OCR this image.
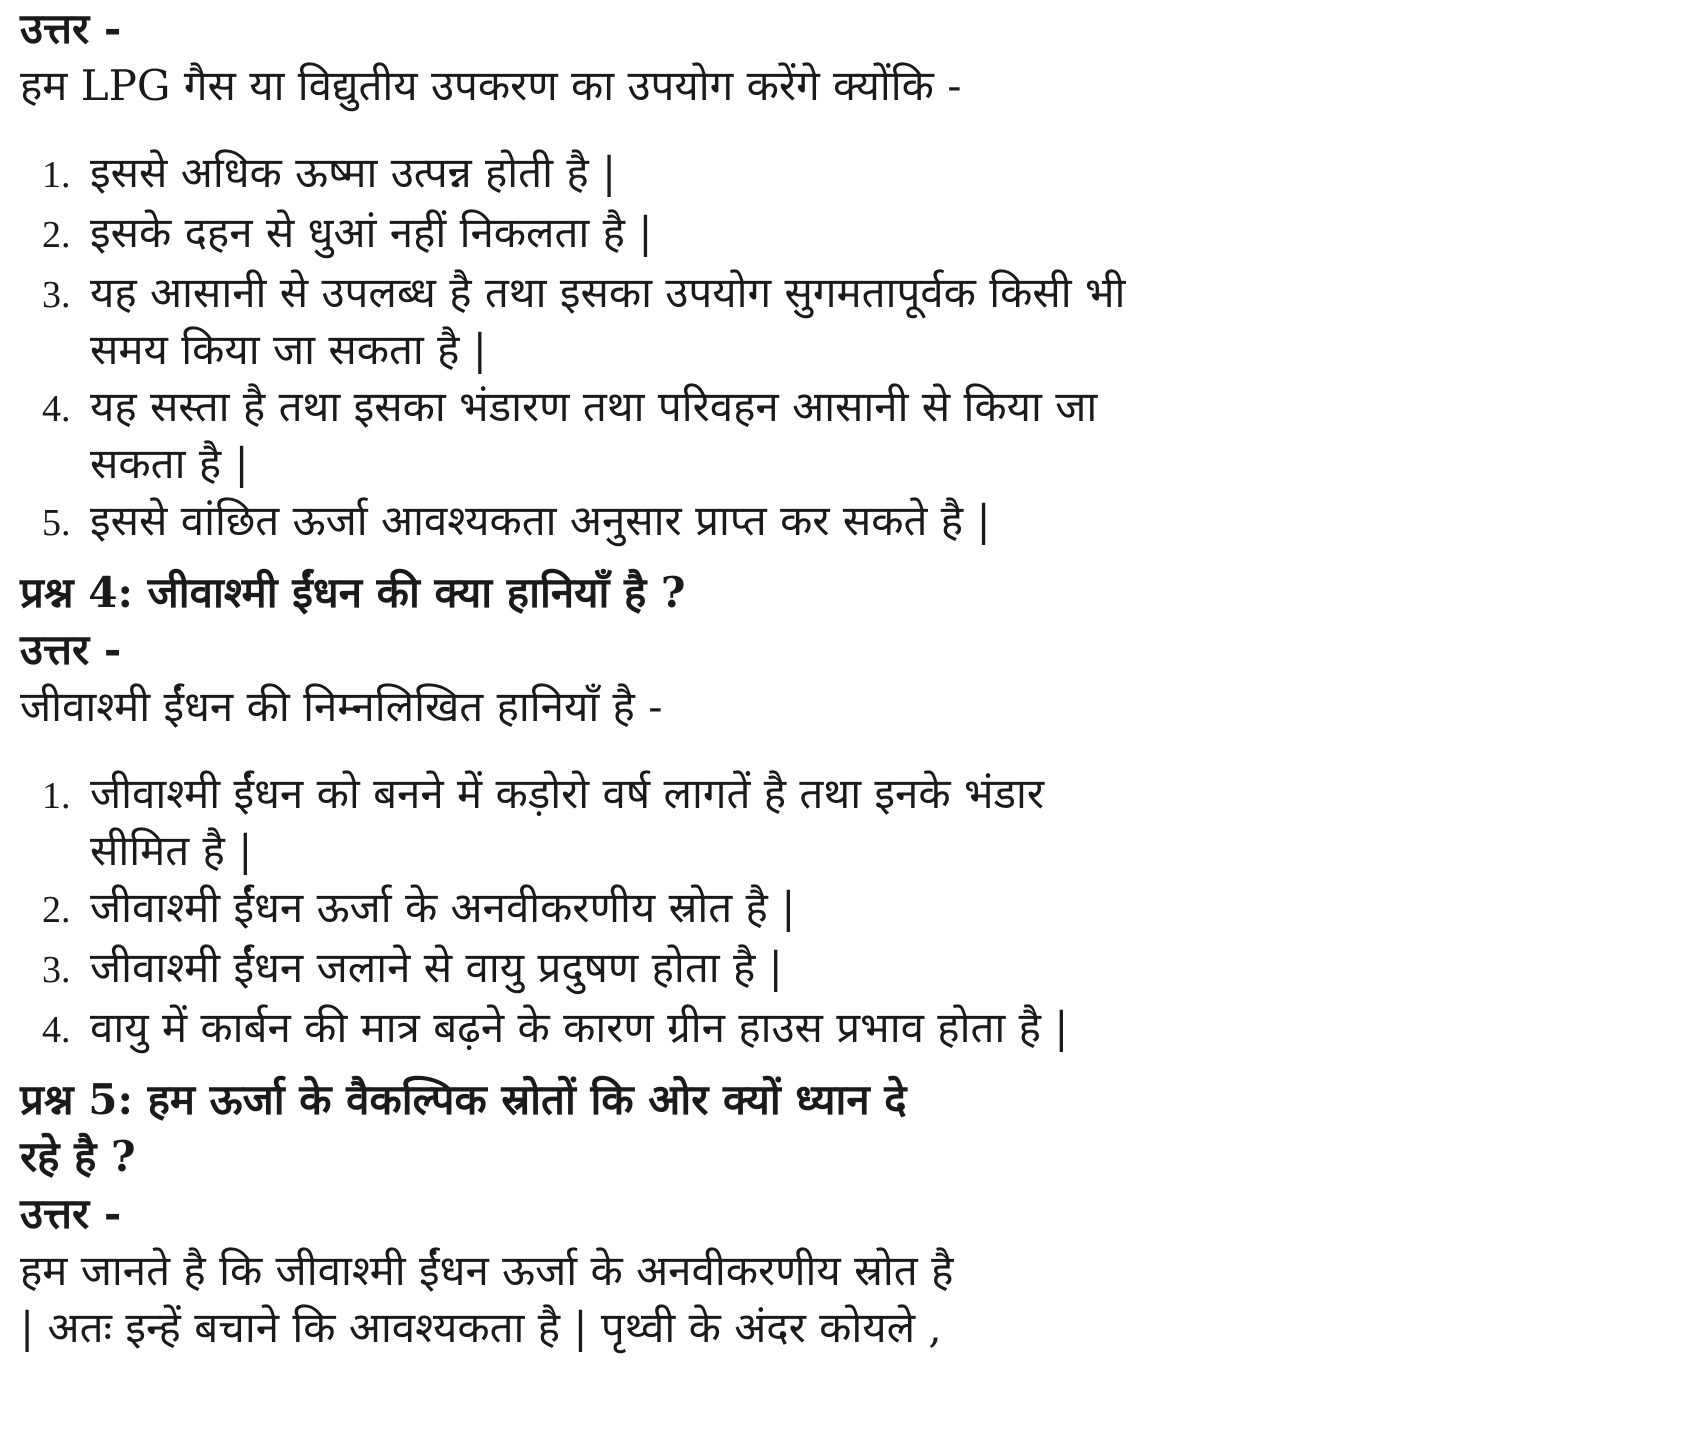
उत्तर -

हम LPG गैस या विद्युतीय उपकरण का उपयोग करेंगे क्योंकि -

1. इससे अधिक ऊष्मा उत्पन्न होती है |
2. इसके दहन से धुआं नहीं निकलता है |
3. यह आसानी से उपलब्ध है तथा इसका उपयोग सुगमतापूर्वक किसी भी समय किया जा सकता है |
4. यह सस्ता है तथा इसका भंडारण तथा परिवहन आसानी से किया जा सकता है |
5. इससे वांछित ऊर्जा आवश्यकता अनुसार प्राप्त कर सकते है |

प्रश्न 4: जीवाश्मी ईंधन की क्या हानियाँ है ?

उत्तर -

जीवाश्मी ईंधन की निम्नलिखित हानियाँ है -

1. जीवाश्मी ईंधन को बनने में कड़ोरो वर्ष लागतें है तथा इनके भंडार सीमित है |
2. जीवाश्मी ईंधन ऊर्जा के अनवीकरणीय स्रोत है |
3. जीवाश्मी ईंधन जलाने से वायु प्रदुषण होता है |
4. वायु में कार्बन की मात्र बढ़ने के कारण ग्रीन हाउस प्रभाव होता है |

प्रश्न 5: हम ऊर्जा के वैकल्पिक स्रोतों कि ओर क्यों ध्यान दे

रहे है ?

उत्तर -

हम जानते है कि जीवाश्मी ईंधन ऊर्जा के अनवीकरणीय स्रोत है

| अतः इन्हें बचाने कि आवश्यकता है | पृथ्वी के अंदर कोयले ,
